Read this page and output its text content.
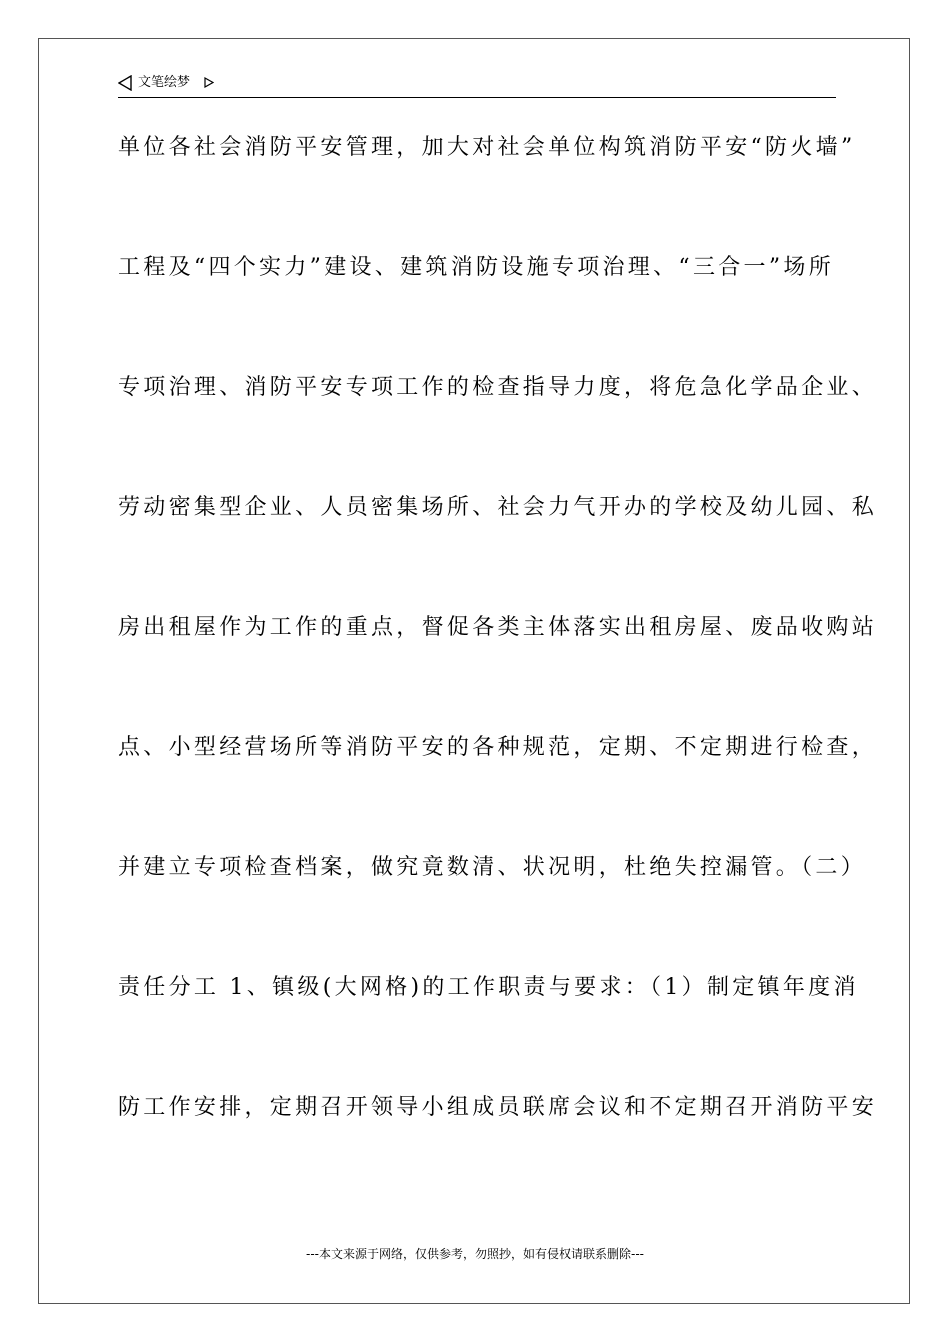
文笔绘梦
单位各社会消防平安管理，加大对社会单位构筑消防平安“防火墙”
工程及“四个实力”建设、建筑消防设施专项治理、“三合一”场所
专项治理、消防平安专项工作的检查指导力度，将危急化学品企业、
劳动密集型企业、人员密集场所、社会力气开办的学校及幼儿园、私
房出租屋作为工作的重点，督促各类主体落实出租房屋、废品收购站
点、小型经营场所等消防平安的各种规范，定期、不定期进行检查，
并建立专项检查档案，做究竟数清、状况明，杜绝失控漏管。（二）
责任分工 1、镇级(大网格)的工作职责与要求：（1）制定镇年度消
防工作安排，定期召开领导小组成员联席会议和不定期召开消防平安
---本文来源于网络，仅供参考，勿照抄，如有侵权请联系删除---
